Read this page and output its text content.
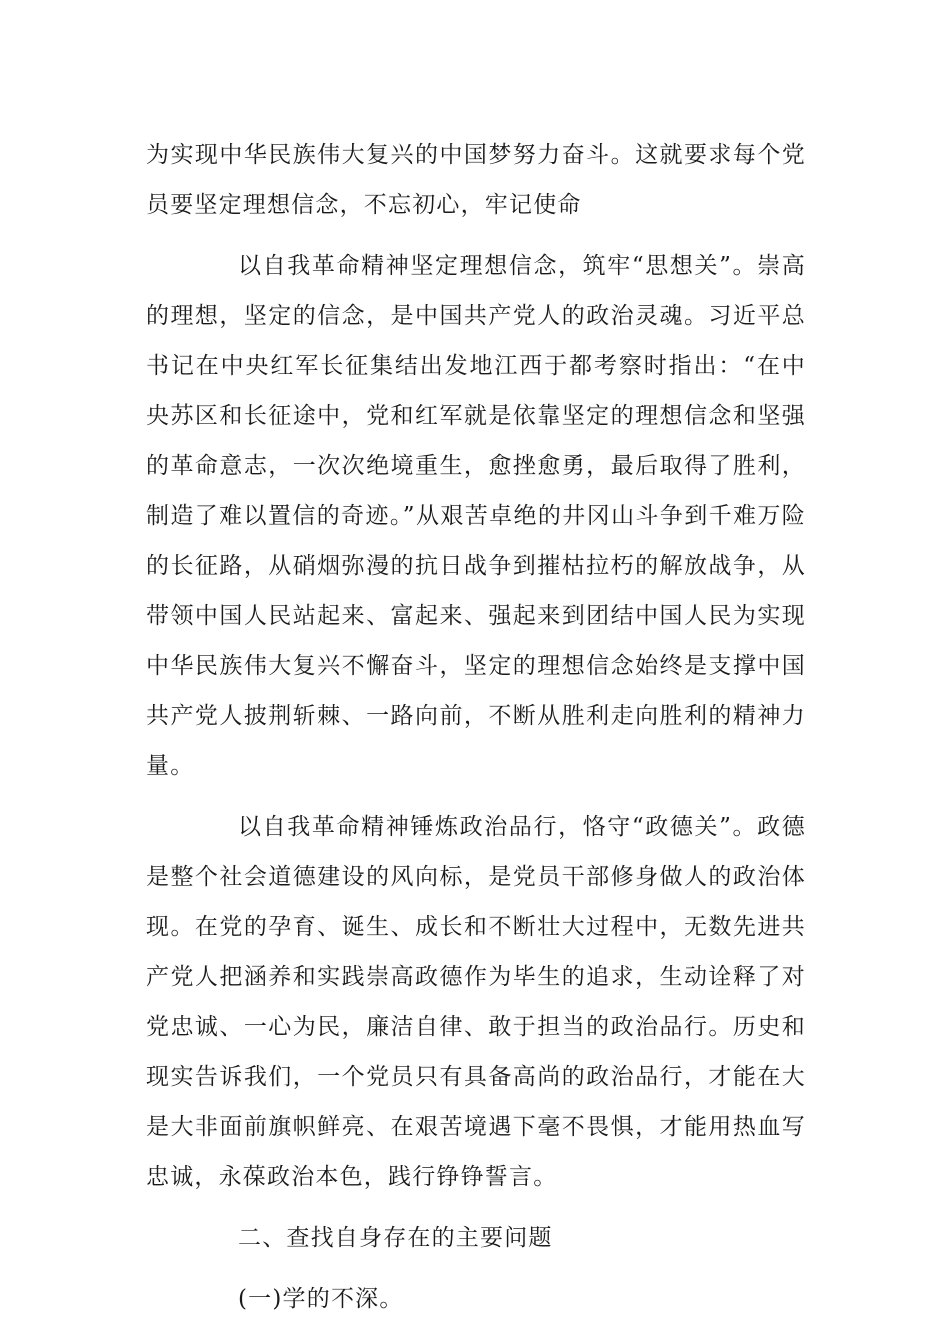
为实现中华民族伟大复兴的中国梦努力奋斗。这就要求每个党员要坚定理想信念，不忘初心，牢记使命

以自我革命精神坚定理想信念，筑牢“思想关”。崇高的理想，坚定的信念，是中国共产党人的政治灵魂。习近平总书记在中央红军长征集结出发地江西于都考察时指出：“在中央苏区和长征途中，党和红军就是依靠坚定的理想信念和坚强的革命意志，一次次绝境重生，愈挫愈勇，最后取得了胜利，制造了难以置信的奇迹。”从艰苦卓绝的井冈山斗争到千难万险的长征路，从硝烟弥漫的抗日战争到摧枯拉朽的解放战争，从带领中国人民站起来、富起来、强起来到团结中国人民为实现中华民族伟大复兴不懈奋斗，坚定的理想信念始终是支撑中国共产党人披荆斩棘、一路向前，不断从胜利走向胜利的精神力量。

以自我革命精神锤炼政治品行，恪守“政德关”。政德是整个社会道德建设的风向标，是党员干部修身做人的政治体现。在党的孕育、诞生、成长和不断壮大过程中，无数先进共产党人把涵养和实践崇高政德作为毕生的追求，生动诠释了对党忠诚、一心为民，廉洁自律、敢于担当的政治品行。历史和现实告诉我们，一个党员只有具备高尚的政治品行，才能在大是大非面前旗帜鲜亮、在艰苦境遇下毫不畏惧，才能用热血写忠诚，永葆政治本色，践行铮铮誓言。

二、查找自身存在的主要问题

(一)学的不深。
